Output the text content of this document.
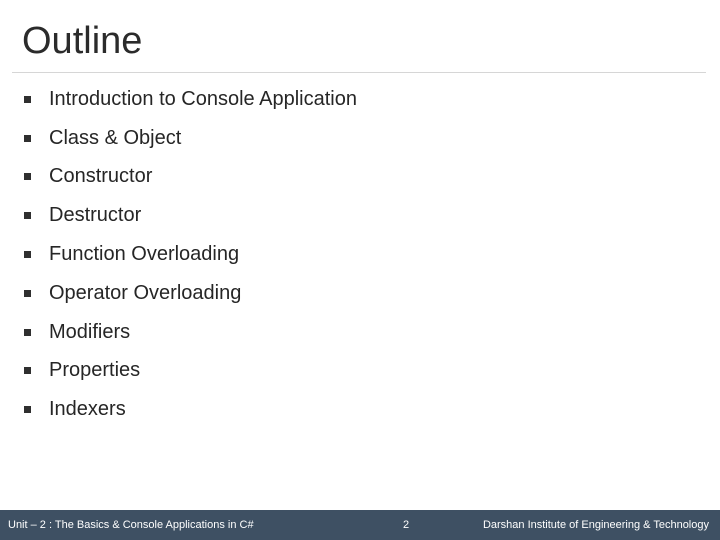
Outline
Introduction to Console Application
Class & Object
Constructor
Destructor
Function Overloading
Operator Overloading
Modifiers
Properties
Indexers
Unit – 2 : The Basics & Console Applications in C#	2	Darshan Institute of Engineering & Technology
